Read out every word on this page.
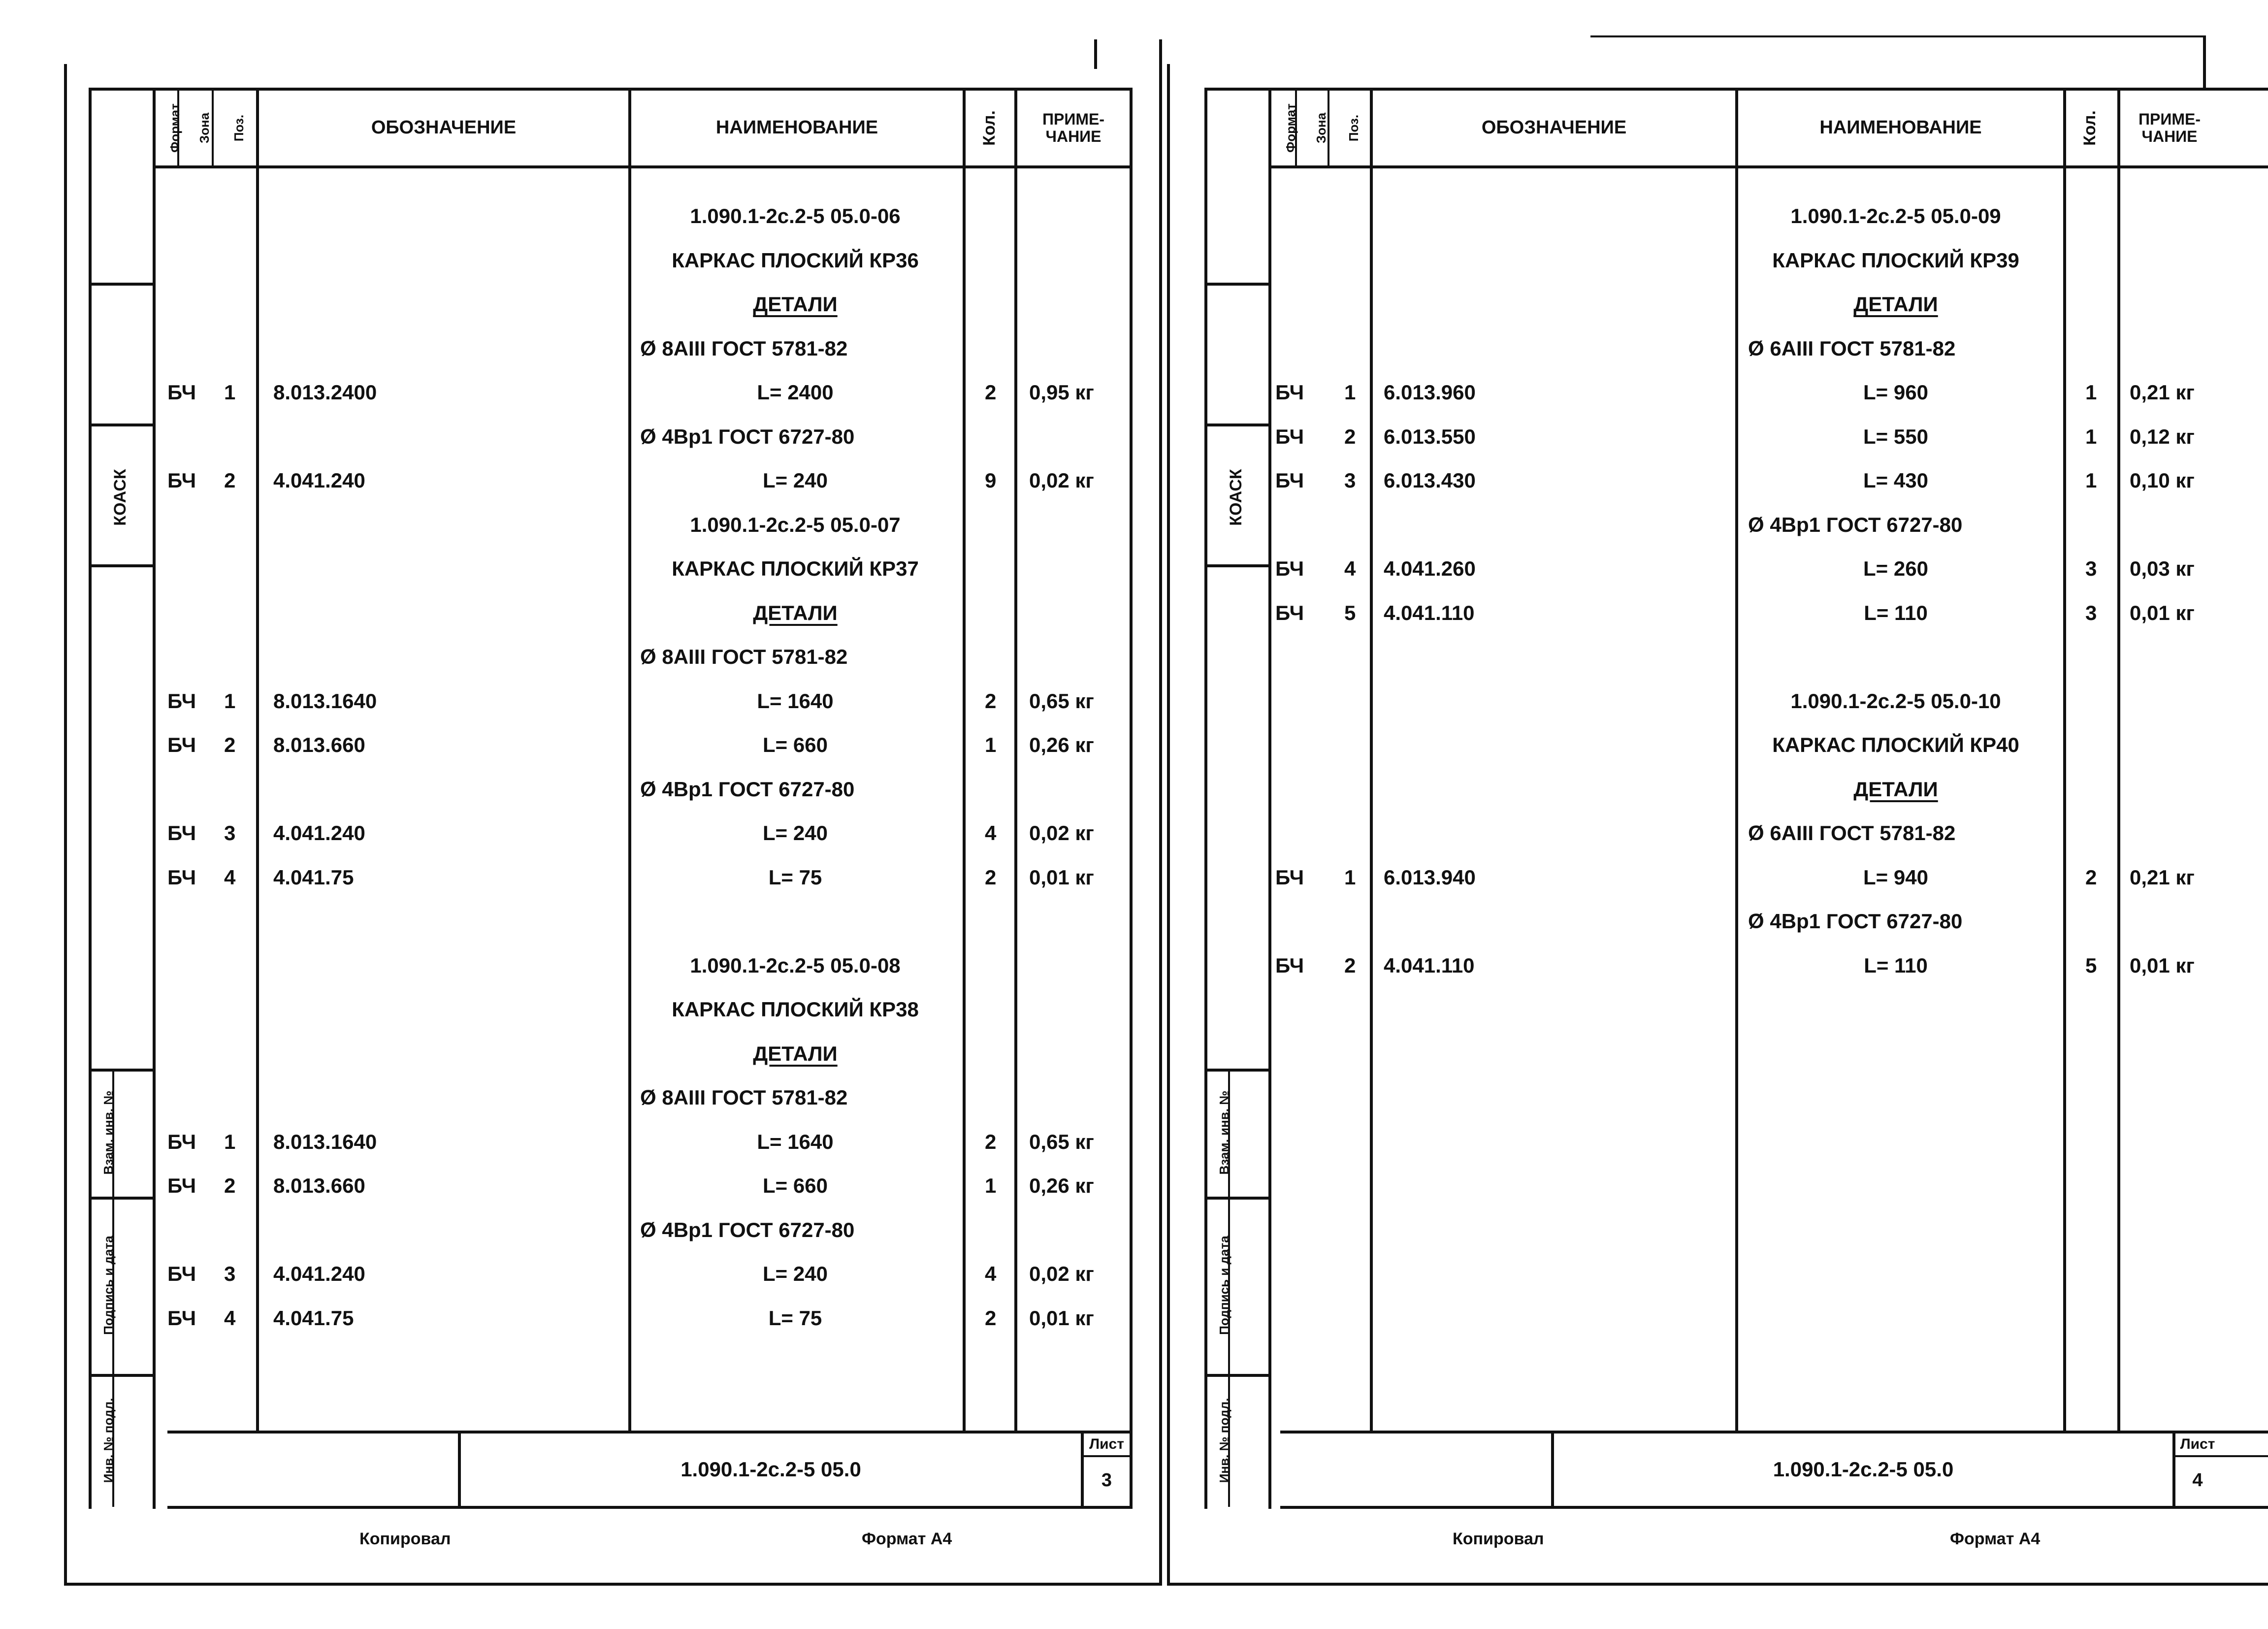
КОАСК
Взам. инв. №
Подпись и дата
Инв. № подл.
Формат Зона Поз.	ОБОЗНАЧЕНИЕ	НАИМЕНОВАНИЕ	Кол.	ПРИМЕ-
ЧАНИЕ
1.090.1-2с.2-5 05.0-06
КАРКАС ПЛОСКИЙ КР36
ДЕТАЛИ
Ø 8АIII ГОСТ 5781-82
БЧ 1 8.013.2400	L= 2400	2 0,95 кг
Ø 4Вр1 ГОСТ 6727-80
БЧ 2 4.041.240	L= 240	9 0,02 кг
1.090.1-2с.2-5 05.0-07
КАРКАС ПЛОСКИЙ КР37
ДЕТАЛИ
Ø 8АIII ГОСТ 5781-82
БЧ 1 8.013.1640	L= 1640	2 0,65 кг
БЧ 2 8.013.660	L= 660	1 0,26 кг
Ø 4Вр1 ГОСТ 6727-80
БЧ 3 4.041.240	L= 240	4 0,02 кг
БЧ 4 4.041.75	L= 75	2 0,01 кг
1.090.1-2с.2-5 05.0-08
КАРКАС ПЛОСКИЙ КР38
ДЕТАЛИ
Ø 8АIII ГОСТ 5781-82
БЧ 1 8.013.1640	L= 1640	2 0,65 кг
БЧ 2 8.013.660	L= 660	1 0,26 кг
Ø 4Вр1 ГОСТ 6727-80
БЧ 3 4.041.240	L= 240	4 0,02 кг
БЧ 4 4.041.75	L= 75	2 0,01 кг
1.090.1-2с.2-5 05.0
Лист
3
Копировал	Формат А4
КОАСК
Взам. инв. №
Подпись и дата
Инв. № подл.
Формат Зона Поз.	ОБОЗНАЧЕНИЕ	НАИМЕНОВАНИЕ	Кол.	ПРИМЕ-
ЧАНИЕ
1.090.1-2с.2-5 05.0-09
КАРКАС ПЛОСКИЙ КР39
ДЕТАЛИ
Ø 6АIII ГОСТ 5781-82
БЧ 1 6.013.960	L= 960	1 0,21 кг
БЧ 2 6.013.550	L= 550	1 0,12 кг
БЧ 3 6.013.430	L= 430	1 0,10 кг
Ø 4Вр1 ГОСТ 6727-80
БЧ 4 4.041.260	L= 260	3 0,03 кг
БЧ 5 4.041.110	L= 110	3 0,01 кг
1.090.1-2с.2-5 05.0-10
КАРКАС ПЛОСКИЙ КР40
ДЕТАЛИ
Ø 6АIII ГОСТ 5781-82
БЧ 1 6.013.940	L= 940	2 0,21 кг
Ø 4Вр1 ГОСТ 6727-80
БЧ 2 4.041.110	L= 110	5 0,01 кг
1.090.1-2с.2-5 05.0
Лист
4
Копировал	Формат А4
